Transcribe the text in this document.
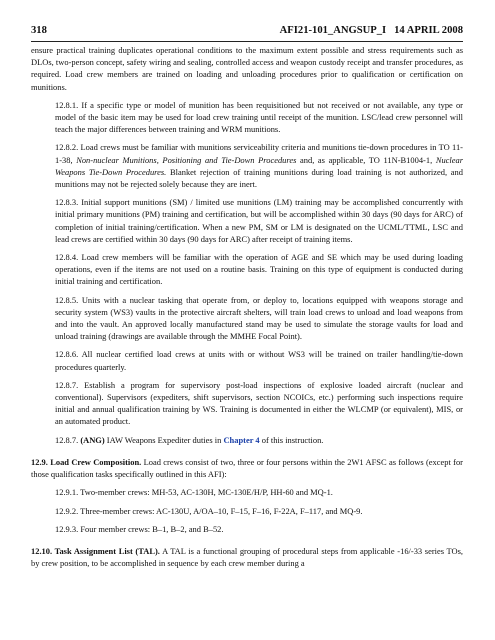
318	AFI21-101_ANGSUP_I   14 APRIL 2008

ensure practical training duplicates operational conditions to the maximum extent possible and stress requirements such as DLOs, two-person concept, safety wiring and sealing, controlled access and weapon custody receipt and transfer procedures, as required. Load crew members are trained on loading and unloading procedures prior to qualification or certification on munitions.

12.8.1. If a specific type or model of munition has been requisitioned but not received or not available, any type or model of the basic item may be used for load crew training until receipt of the munition. LSC/lead crew personnel will teach the major differences between training and WRM munitions.

12.8.2. Load crews must be familiar with munitions serviceability criteria and munitions tie-down procedures in TO 11-1-38, Non-nuclear Munitions, Positioning and Tie-Down Procedures and, as applicable, TO 11N-B1004-1, Nuclear Weapons Tie-Down Procedures. Blanket rejection of training munitions during load training is not authorized, and munitions may not be rejected solely because they are inert.

12.8.3. Initial support munitions (SM) / limited use munitions (LM) training may be accomplished concurrently with initial primary munitions (PM) training and certification, but will be accomplished within 30 days (90 days for ARC) of completion of initial training/certification. When a new PM, SM or LM is designated on the UCML/TTML, LSC and lead crews are certified within 30 days (90 days for ARC) after receipt of training items.

12.8.4. Load crew members will be familiar with the operation of AGE and SE which may be used during loading operations, even if the items are not used on a routine basis. Training on this type of equipment is conducted during initial training and certification.

12.8.5. Units with a nuclear tasking that operate from, or deploy to, locations equipped with weapons storage and security system (WS3) vaults in the protective aircraft shelters, will train load crews to unload and load weapons from and into the vault. An approved locally manufactured stand may be used to simulate the storage vaults for load and unload training (drawings are available through the MMHE Focal Point).

12.8.6. All nuclear certified load crews at units with or without WS3 will be trained on trailer handling/tie-down procedures quarterly.

12.8.7. Establish a program for supervisory post-load inspections of explosive loaded aircraft (nuclear and conventional). Supervisors (expediters, shift supervisors, section NCOICs, etc.) performing such inspections require initial and annual qualification training by WS. Training is documented in either the WLCMP (or equivalent), MIS, or an automated product.

12.8.7. (ANG) IAW Weapons Expediter duties in Chapter 4 of this instruction.

12.9. Load Crew Composition. Load crews consist of two, three or four persons within the 2W1 AFSC as follows (except for those qualification tasks specifically outlined in this AFI):

12.9.1. Two-member crews: MH-53, AC-130H, MC-130E/H/P, HH-60 and MQ-1.

12.9.2. Three-member crews: AC-130U, A/OA–10, F–15, F–16, F-22A, F–117, and MQ-9.

12.9.3. Four member crews: B–1, B–2, and B–52.

12.10. Task Assignment List (TAL). A TAL is a functional grouping of procedural steps from applicable -16/-33 series TOs, by crew position, to be accomplished in sequence by each crew member during a
